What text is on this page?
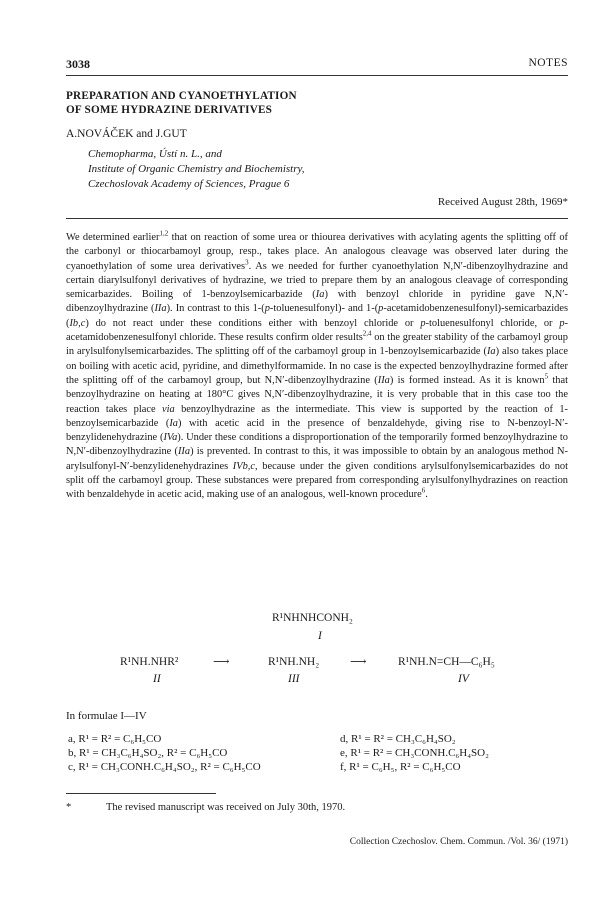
3038	NOTES
PREPARATION AND CYANOETHYLATION
OF SOME HYDRAZINE DERIVATIVES
A.NOVÁČEK and J.GUT
Chemopharma, Ústí n. L., and
Institute of Organic Chemistry and Biochemistry,
Czechoslovak Academy of Sciences, Prague 6
Received August 28th, 1969*
We determined earlier$^{1,2}$ that on reaction of some urea or thiourea derivatives with acylating agents the splitting off of the carbonyl or thiocarbamoyl group, resp., takes place. An analogous cleavage was observed later during the cyanoethylation of some urea derivatives$^3$. As we needed for further cyanoethylation N,N′-dibenzoylhydrazine and certain diarylsulfonyl derivatives of hydrazine, we tried to prepare them by an analogous cleavage of corresponding semicarbazides. Boiling of 1-benzoylsemicarbazide (Ia) with benzoyl chloride in pyridine gave N,N′-dibenzoylhydrazine (IIa). In contrast to this 1-(p-toluenesulfonyl)- and 1-(p-acetamidobenzenesulfonyl)-semicarbazides (Ib,c) do not react under these conditions either with benzoyl chloride or p-toluenesulfonyl chloride, or p-acetamidobenzenesulfonyl chloride. These results confirm older results$^{2,4}$ on the greater stability of the carbamoyl group in arylsulfonylsemicarbazides. The splitting off of the carbamoyl group in 1-benzoylsemicarbazide (Ia) also takes place on boiling with acetic acid, pyridine, and dimethylformamide. In no case is the expected benzoylhydrazine formed after the splitting off of the carbamoyl group, but N,N′-dibenzoylhydrazine (IIa) is formed instead. As it is known$^5$ that benzoylhydrazine on heating at 180°C gives N,N′-dibenzoylhydrazine, it is very probable that in this case too the reaction takes place via benzoylhydrazine as the intermediate. This view is supported by the reaction of 1-benzoylsemicarbazide (Ia) with acetic acid in the presence of benzaldehyde, giving rise to N-benzoyl-N′-benzylidenehydrazine (IVa). Under these conditions a disproportionation of the temporarily formed benzoylhydrazine to N,N′-dibenzoylhydrazine (IIa) is prevented. In contrast to this, it was impossible to obtain by an analogous method N-arylsulfonyl-N′-benzylidenehydrazines IVb,c, because under the given conditions arylsulfonylsemicarbazides do not split off the carbamoyl group. These substances were prepared from corresponding arylsulfonylhydrazines on reaction with benzaldehyde in acetic acid, making use of an analogous, well-known procedure$^6$.
R¹NHNHCONH₂
I
R¹NH.NHR²	⟶	R¹NH.NH₂	⟶	R¹NH.N=CH—C₆H₅
II	III	IV
In formulae I—IV
a, R¹ = R² = C₆H₅CO
b, R¹ = CH₃C₆H₄SO₂, R² = C₆H₅CO
c, R¹ = CH₃CONH.C₆H₄SO₂, R² = C₆H₅CO
d, R¹ = R² = CH₃C₆H₄SO₂
e, R¹ = R² = CH₃CONH.C₆H₄SO₂
f, R¹ = C₆H₅, R² = C₆H₅CO
*	The revised manuscript was received on July 30th, 1970.
Collection Czechoslov. Chem. Commun. /Vol. 36/ (1971)
